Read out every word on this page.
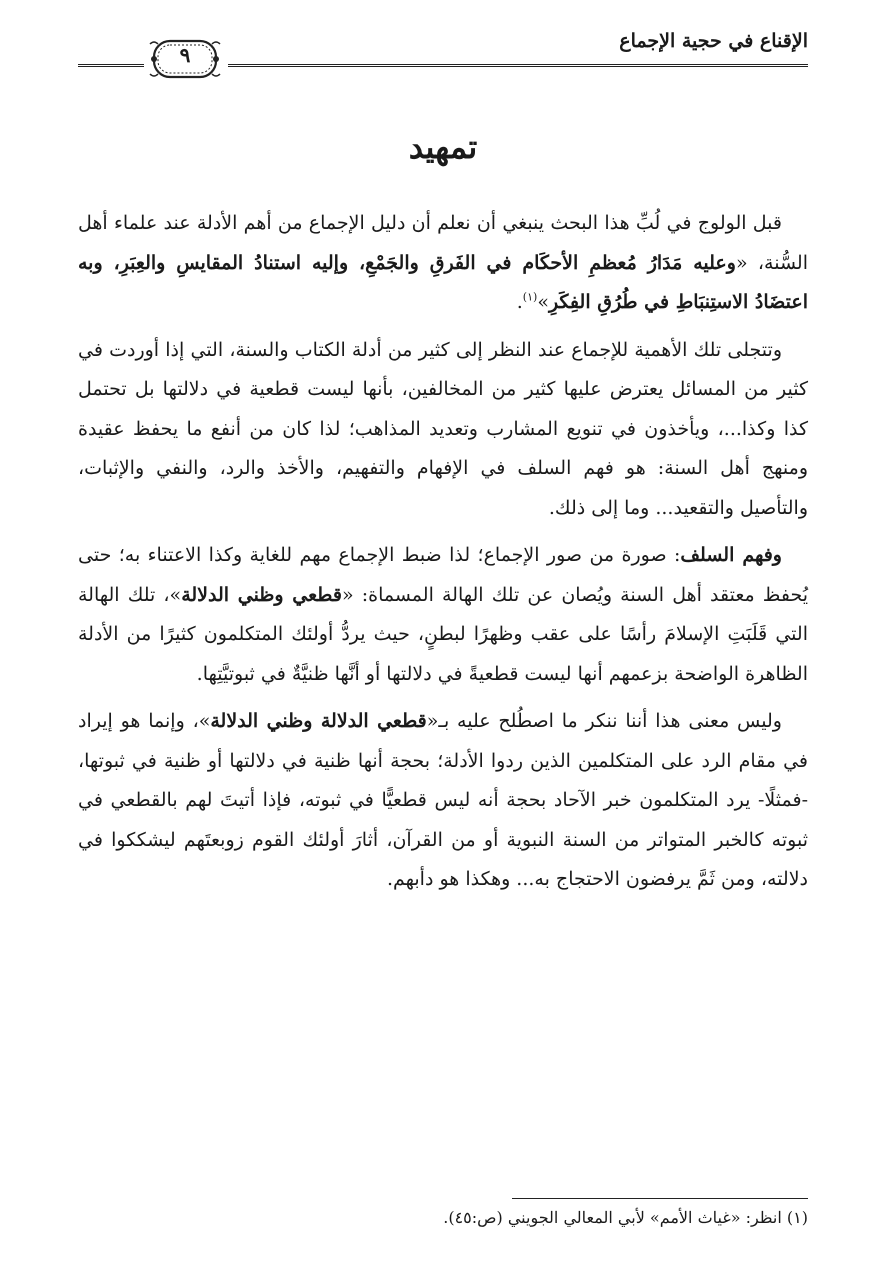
الإقناع في حجية الإجماع
٩
تمهيد

قبل الولوج في لُبِّ هذا البحث ينبغي أن نعلم أن دليل الإجماع من أهم الأدلة عند علماء أهل السُّنة، «وعليه مَدَارُ مُعظمِ الأحكَام في الفَرقِ والجَمْعِ، وإليه استنادُ المقايسِ والعِبَرِ، وبه اعتضَادُ الاستِنبَاطِ في طُرُقِ الفِكَرِ»$^{(١)}$.

وتتجلى تلك الأهمية للإجماع عند النظر إلى كثير من أدلة الكتاب والسنة، التي إذا أوردت في كثير من المسائل يعترض عليها كثير من المخالفين، بأنها ليست قطعية في دلالتها بل تحتمل كذا وكذا...، ويأخذون في تنويع المشارب وتعديد المذاهب؛ لذا كان من أنفع ما يحفظ عقيدة ومنهج أهل السنة: هو فهم السلف في الإفهام والتفهيم، والأخذ والرد، والنفي والإثبات، والتأصيل والتقعيد... وما إلى ذلك.

وفهم السلف: صورة من صور الإجماع؛ لذا ضبط الإجماع مهم للغاية وكذا الاعتناء به؛ حتى يُحفظ معتقد أهل السنة ويُصان عن تلك الهالة المسماة: «قطعي وظني الدلالة»، تلك الهالة التي قَلَبَتِ الإسلامَ رأسًا على عقب وظهرًا لبطنٍ، حيث يردُّ أولئك المتكلمون كثيرًا من الأدلة الظاهرة الواضحة بزعمهم أنها ليست قطعيةً في دلالتها أو أنَّها ظنيَّةٌ في ثبوتيَّتِها.

وليس معنى هذا أننا ننكر ما اصطُلح عليه بـ«قطعي الدلالة وظني الدلالة»، وإنما هو إيراد في مقام الرد على المتكلمين الذين ردوا الأدلة؛ بحجة أنها ظنية في دلالتها أو ظنية في ثبوتها، -فمثلًا- يرد المتكلمون خبر الآحاد بحجة أنه ليس قطعيًّا في ثبوته، فإذا أتيتَ لهم بالقطعي في ثبوته كالخبر المتواتر من السنة النبوية أو من القرآن، أثارَ أولئك القوم زوبعتَهم ليشككوا في دلالته، ومن ثَمَّ يرفضون الاحتجاج به... وهكذا هو دأبهم.

(١) انظر: «غياث الأمم» لأبي المعالي الجويني (ص:٤٥).
